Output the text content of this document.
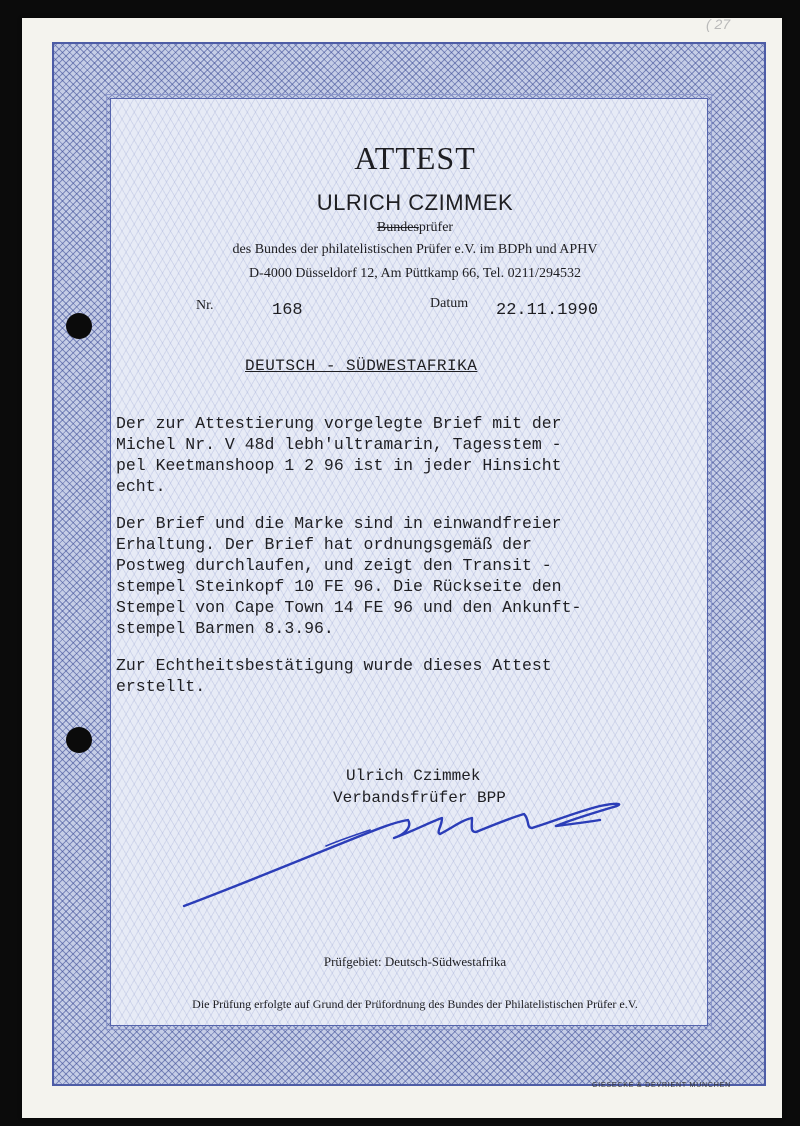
( 27
ATTEST
ULRICH CZIMMEK
Bundesprüfer
des Bundes der philatelistischen Prüfer e.V. im BDPh und APHV
D-4000 Düsseldorf 12, Am Püttkamp 66, Tel. 0211/294532
Nr.	168	Datum 22.11.1990
DEUTSCH - SÜDWESTAFRIKA
Der zur Attestierung vorgelegte Brief mit der
Michel Nr. V 48d lebh'ultramarin, Tagesstem -
pel Keetmanshoop 1 2 96 ist in jeder Hinsicht
echt.
Der Brief und die Marke sind in einwandfreier
Erhaltung. Der Brief hat ordnungsgemäß der
Postweg durchlaufen, und zeigt den Transit -
stempel Steinkopf 10 FE 96. Die Rückseite den
Stempel von Cape Town 14 FE 96 und den Ankunft-
stempel Barmen 8.3.96.
Zur Echtheitsbestätigung wurde dieses Attest
erstellt.
Ulrich Czimmek
Verbandsfrüfer BPP
Prüfgebiet: Deutsch-Südwestafrika
Die Prüfung erfolgte auf Grund der Prüfordnung des Bundes der Philatelistischen Prüfer e.V.
GIESECKE & DEVRIENT MÜNCHEN
